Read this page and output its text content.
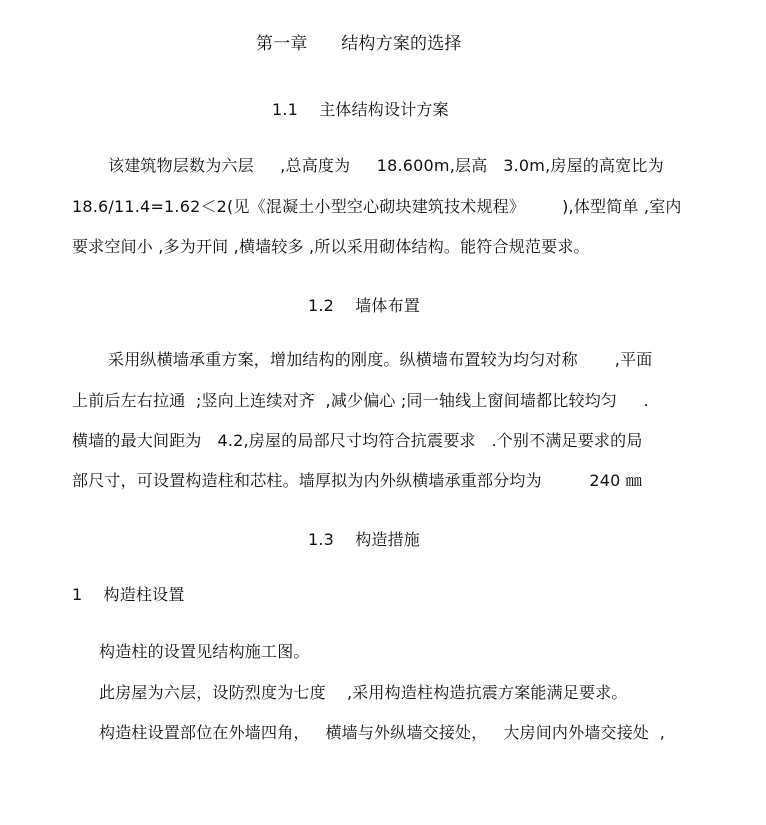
第一章      结构方案的选择
1.1    主体结构设计方案
该建筑物层数为六层     ,总高度为     18.600m,层高   3.0m,房屋的高宽比为
18.6/11.4=1.62＜2(见《混凝土小型空心砌块建筑技术规程》       ),体型简单 ,室内
要求空间小 ,多为开间 ,横墙较多 ,所以采用砌体结构。能符合规范要求。
1.2    墙体布置
采用纵横墙承重方案，增加结构的刚度。纵横墙布置较为均匀对称       ,平面
上前后左右拉通  ;竖向上连续对齐  ,减少偏心 ;同一轴线上窗间墙都比较均匀     .
横墙的最大间距为   4.2,房屋的局部尺寸均符合抗震要求   .个别不满足要求的局
部尺寸，可设置构造柱和芯柱。墙厚拟为内外纵横墙承重部分均为         240 ㎜
1.3    构造措施
1    构造柱设置
构造柱的设置见结构施工图。
此房屋为六层，设防烈度为七度    ,采用构造柱构造抗震方案能满足要求。
构造柱设置部位在外墙四角，   横墙与外纵墙交接处，   大房间内外墙交接处  ,
